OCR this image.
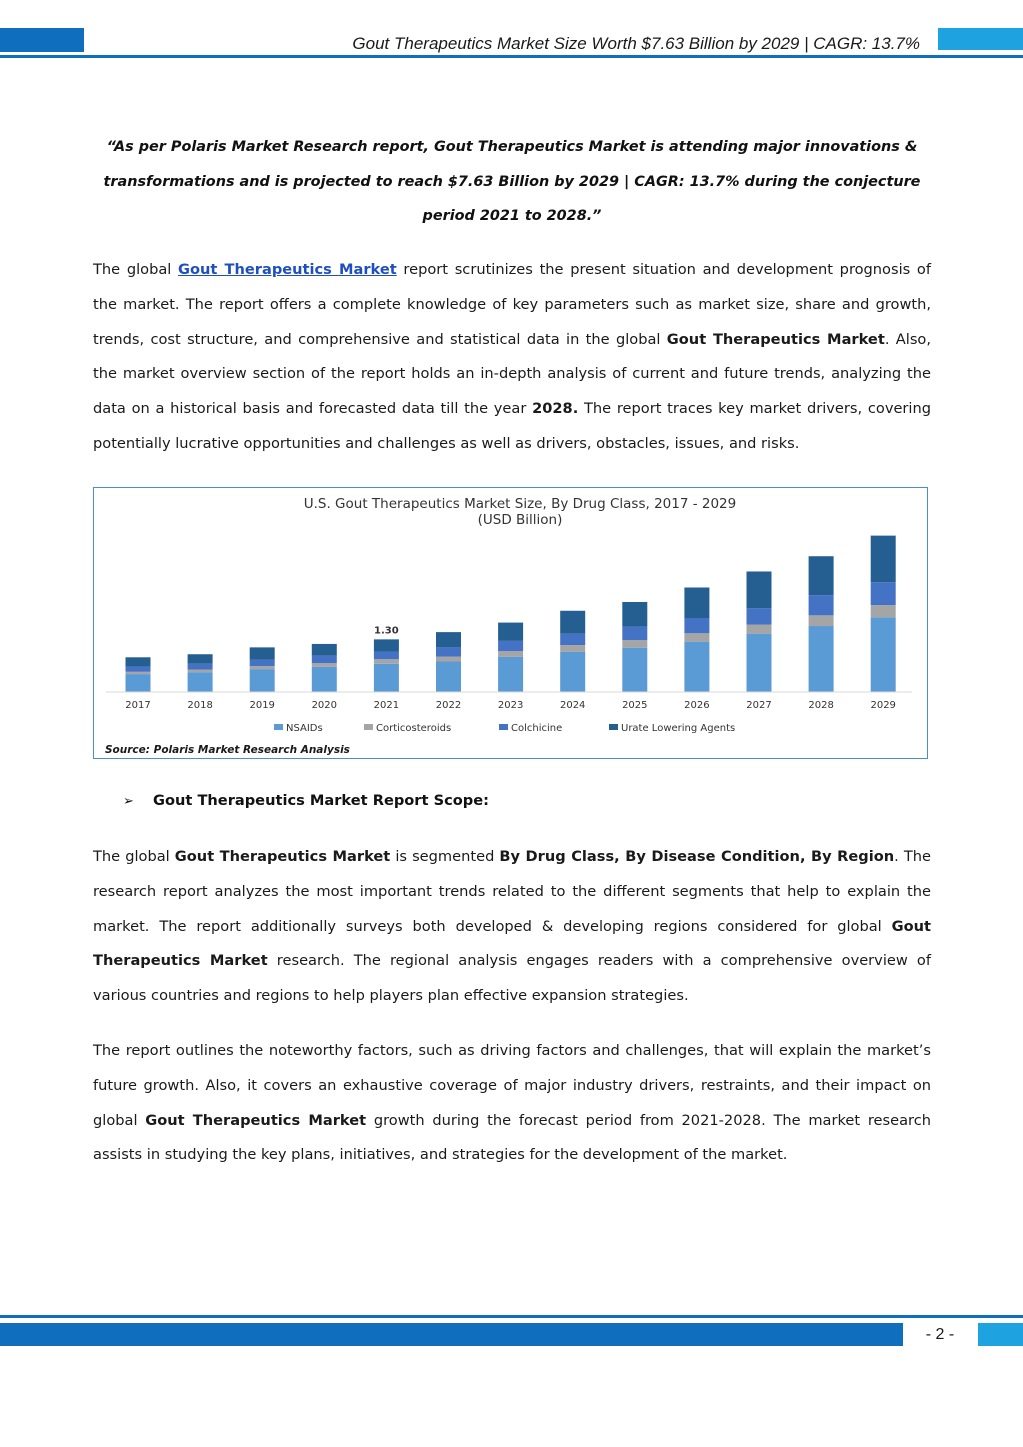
Gout Therapeutics Market Size Worth $7.63 Billion by 2029 | CAGR: 13.7%
“As per Polaris Market Research report, Gout Therapeutics Market is attending major innovations & transformations and is projected to reach $7.63 Billion by 2029 | CAGR: 13.7% during the conjecture period 2021 to 2028.”
The global Gout Therapeutics Market report scrutinizes the present situation and development prognosis of the market. The report offers a complete knowledge of key parameters such as market size, share and growth, trends, cost structure, and comprehensive and statistical data in the global Gout Therapeutics Market. Also, the market overview section of the report holds an in-depth analysis of current and future trends, analyzing the data on a historical basis and forecasted data till the year 2028. The report traces key market drivers, covering potentially lucrative opportunities and challenges as well as drivers, obstacles, issues, and risks.
U.S. Gout Therapeutics Market Size, By Drug Class, 2017 - 2029
(USD Billion)
2017	2018	2019	2020	2021	2022	2023	2024	2025	2026	2027	2028	2029
1.30
NSAIDs	Corticosteroids	Colchicine	Urate Lowering Agents
Source: Polaris Market Research Analysis
➢ Gout Therapeutics Market Report Scope:
The global Gout Therapeutics Market is segmented By Drug Class, By Disease Condition, By Region. The research report analyzes the most important trends related to the different segments that help to explain the market. The report additionally surveys both developed & developing regions considered for global Gout Therapeutics Market research. The regional analysis engages readers with a comprehensive overview of various countries and regions to help players plan effective expansion strategies.
The report outlines the noteworthy factors, such as driving factors and challenges, that will explain the market’s future growth. Also, it covers an exhaustive coverage of major industry drivers, restraints, and their impact on global Gout Therapeutics Market growth during the forecast period from 2021-2028. The market research assists in studying the key plans, initiatives, and strategies for the development of the market.
- 2 -
